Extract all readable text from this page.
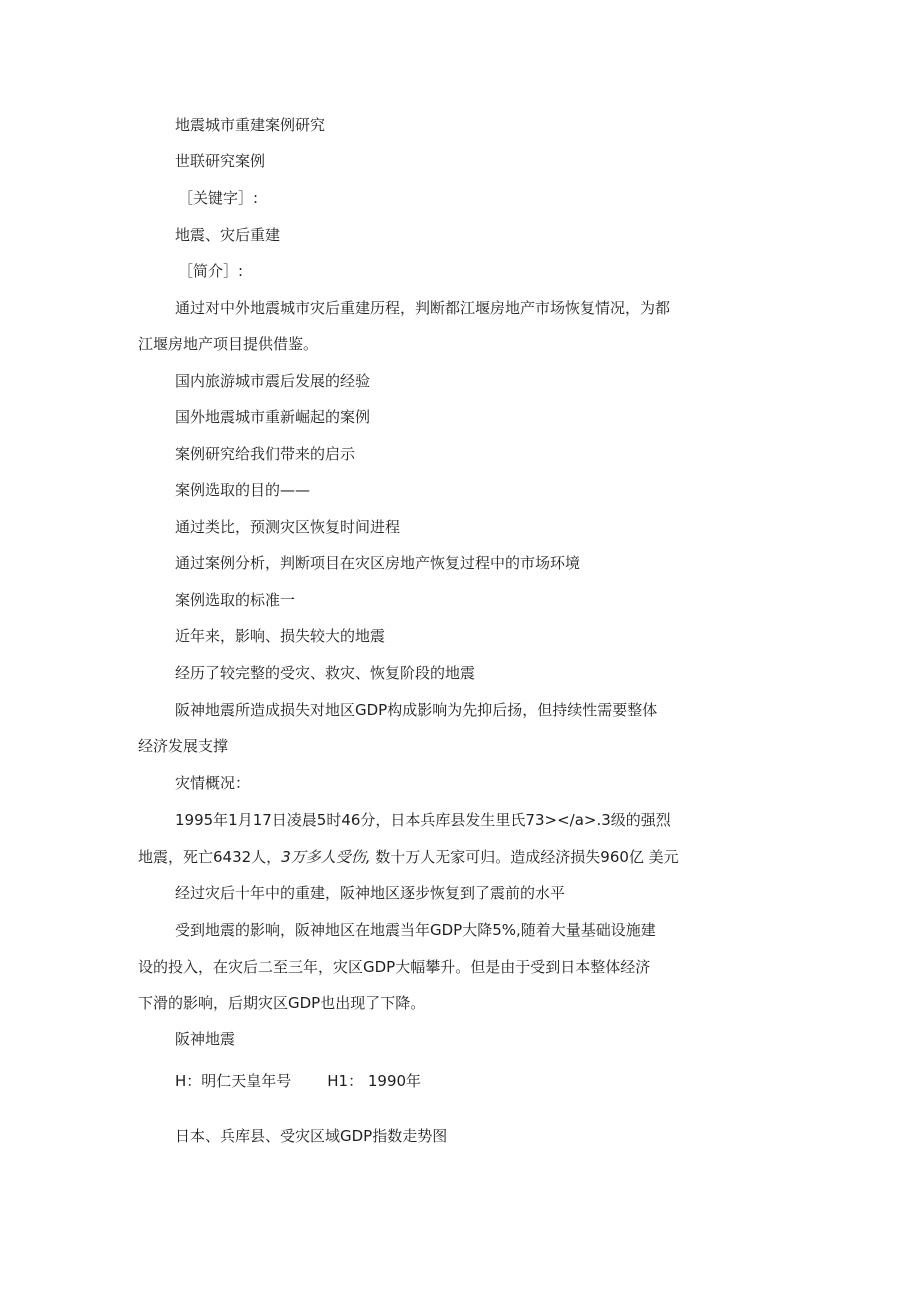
地震城市重建案例研究

世联研究案例

［关键字］:

地震、灾后重建

［简介］:

通过对中外地震城市灾后重建历程，判断都江堰房地产市场恢复情况，为都

江堰房地产项目提供借鉴。

国内旅游城市震后发展的经验

国外地震城市重新崛起的案例

案例研究给我们带来的启示

案例选取的目的——

通过类比，预测灾区恢复时间进程

通过案例分析，判断项目在灾区房地产恢复过程中的市场环境

案例选取的标准一

近年来，影响、损失较大的地震

经历了较完整的受灾、救灾、恢复阶段的地震

阪神地震所造成损失对地区GDP构成影响为先抑后扬，但持续性需要整体

经济发展支撑

灾情概况：

1995年1月17日凌晨5时46分，日本兵库县发生里氏73></a>.3级的强烈

地震，死亡6432人，3万多人受伤, 数十万人无家可归。造成经济损失960亿 美元

经过灾后十年中的重建，阪神地区逐步恢复到了震前的水平

受到地震的影响，阪神地区在地震当年GDP大降5%,随着大量基础设施建

设的投入，在灾后二至三年，灾区GDP大幅攀升。但是由于受到日本整体经济

下滑的影响，后期灾区GDP也出现了下降。

阪神地震

H：明仁天皇年号 H1： 1990年

日本、兵库县、受灾区域GDP指数走势图
